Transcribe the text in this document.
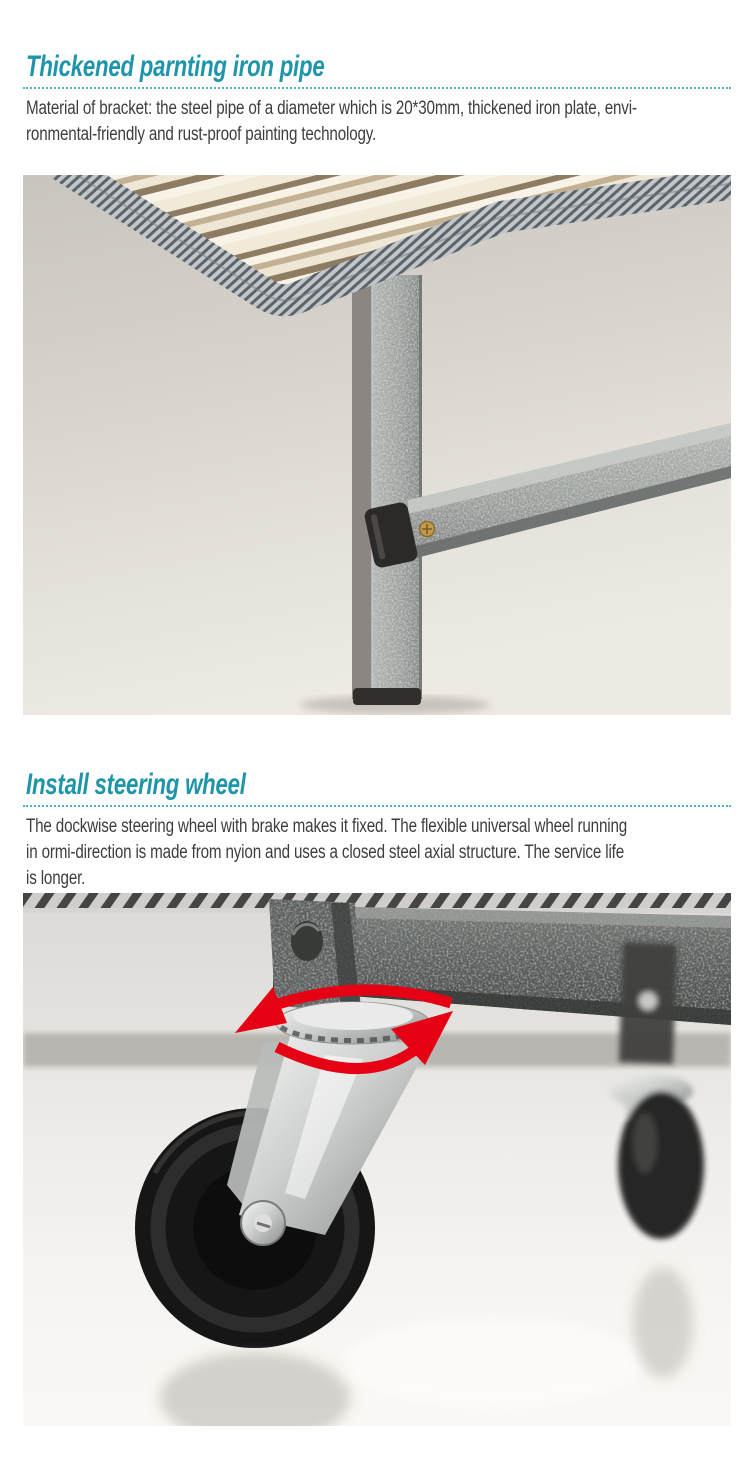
Thickened parnting iron pipe
Material of bracket: the steel pipe of a diameter which is 20*30mm, thickened iron plate, envi-
ronmental-friendly and rust-proof painting technology.
Install steering wheel
The dockwise steering wheel with brake makes it fixed. The flexible universal wheel running
in ormi-direction is made from nyion and uses a closed steel axial structure. The service life
is longer.
